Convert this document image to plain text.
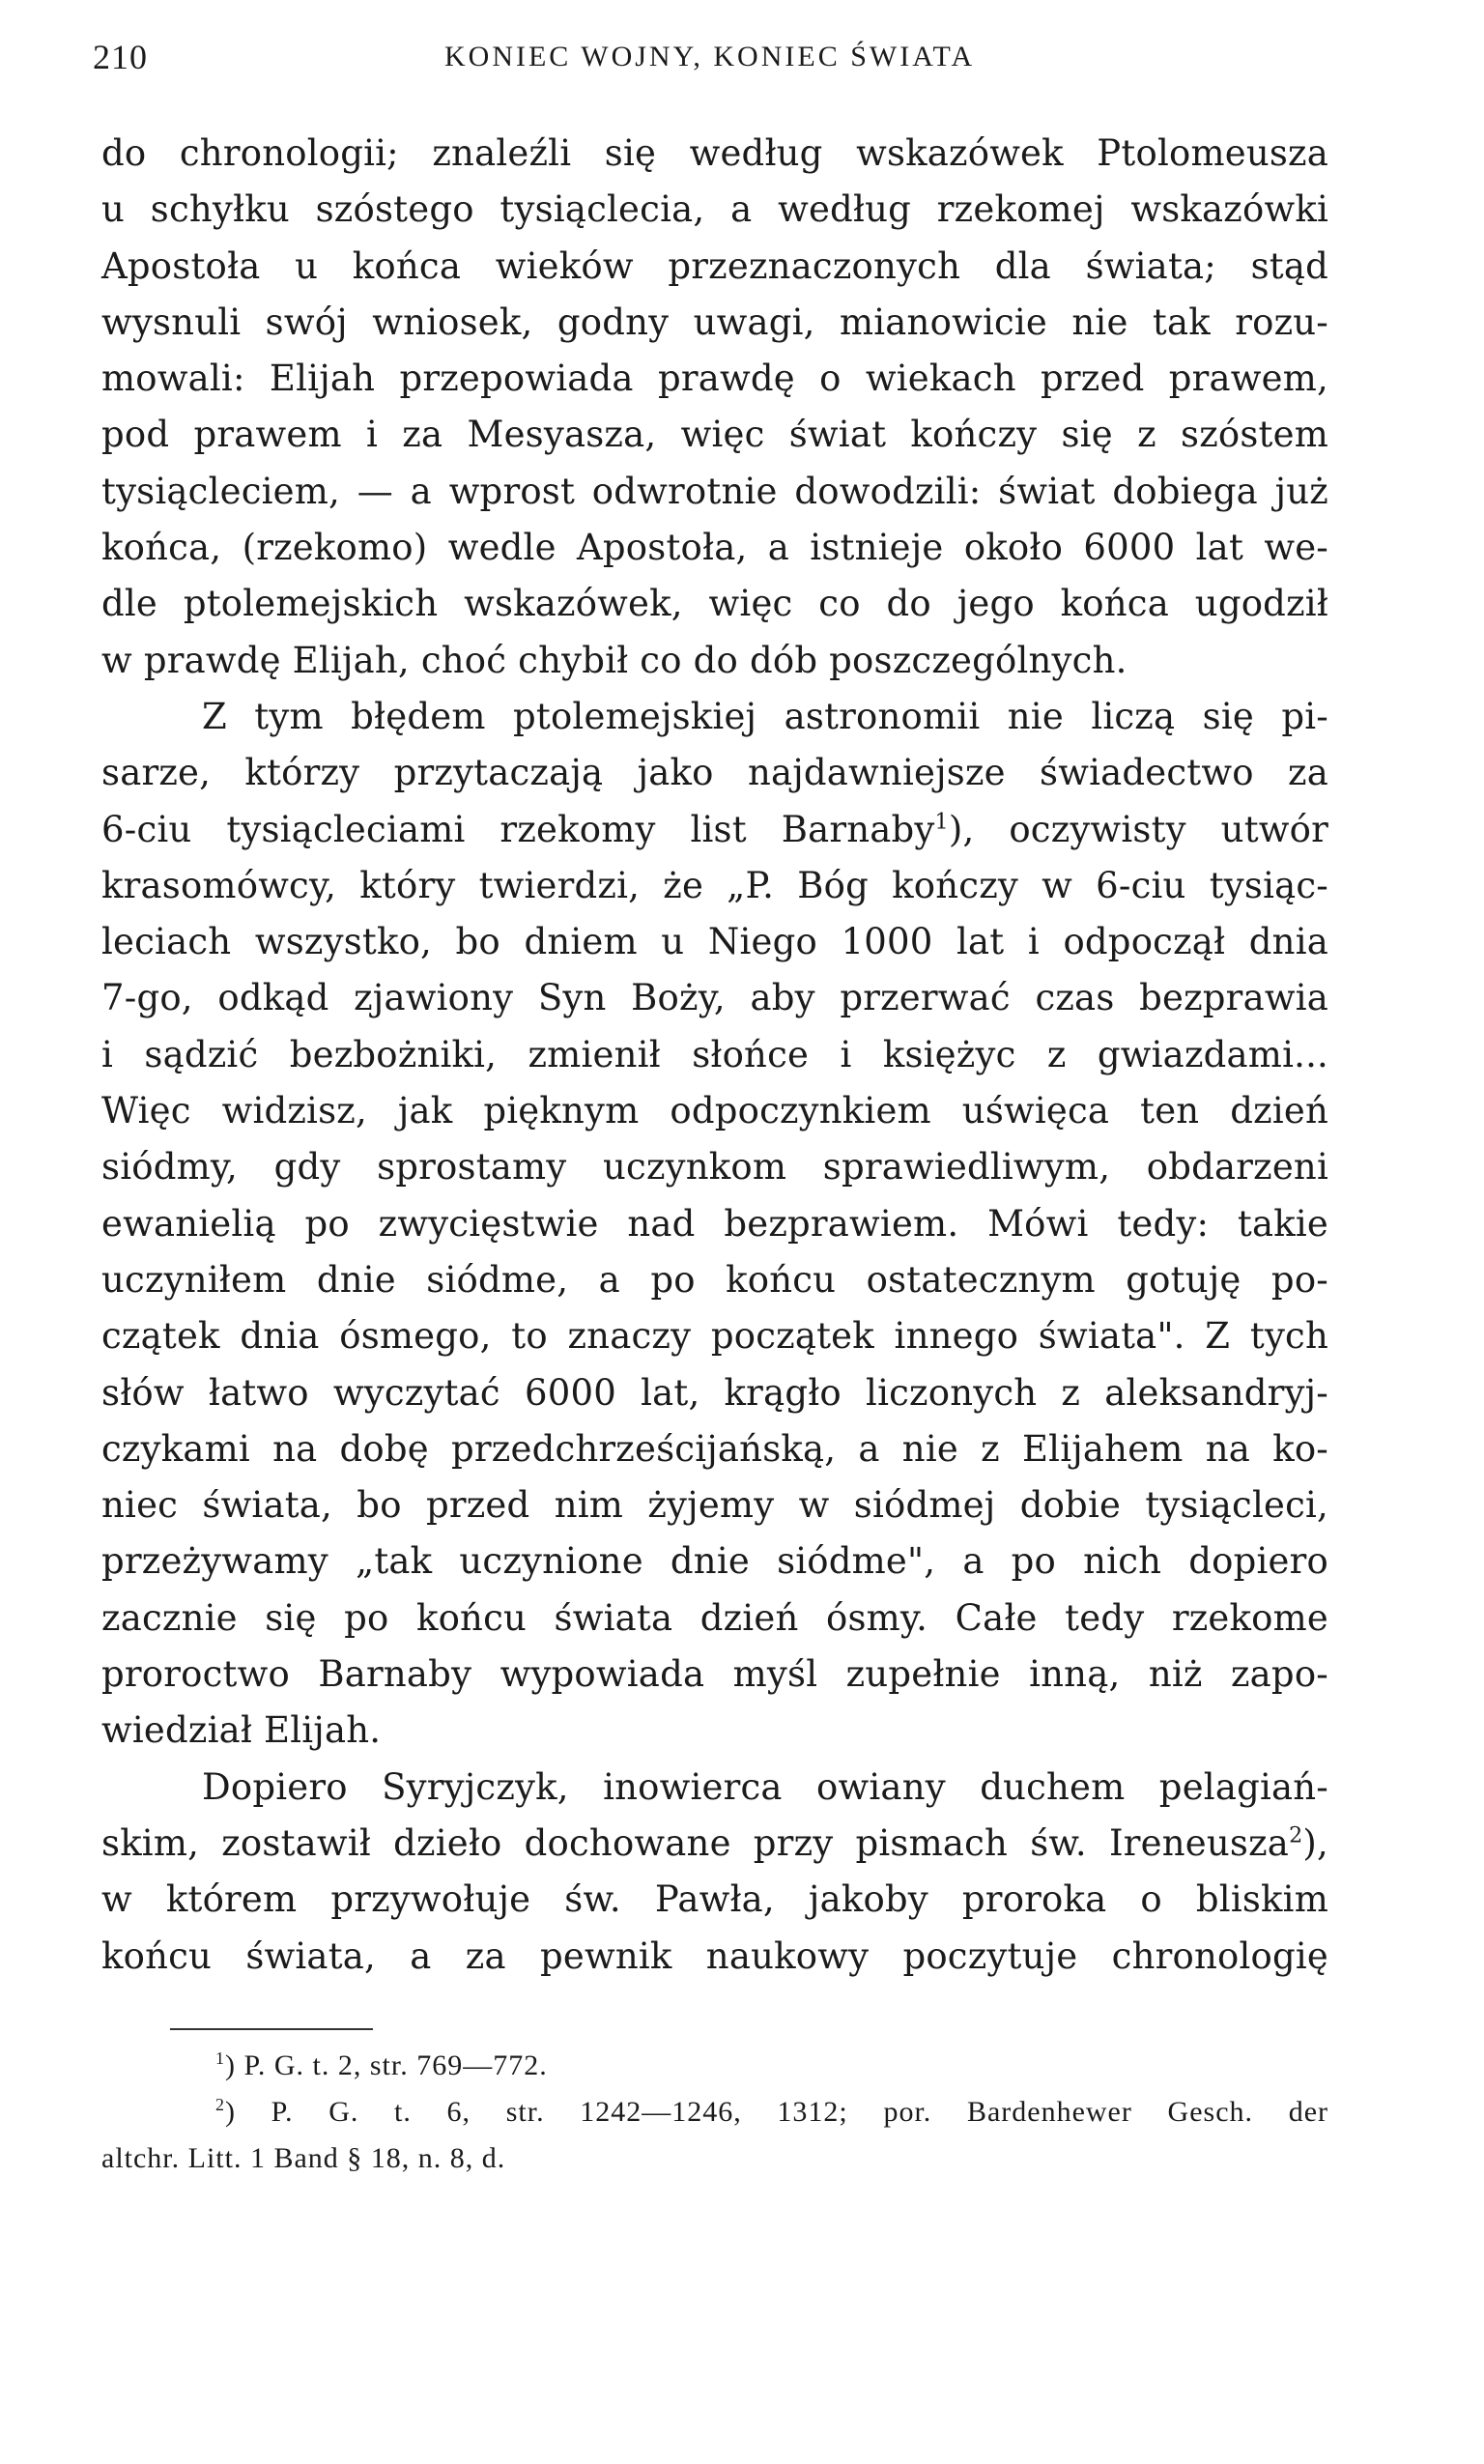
210	KONIEC WOJNY, KONIEC ŚWIATA
do chronologii; znaleźli się według wskazówek Ptolomeusza
u schyłku szóstego tysiąclecia, a według rzekomej wskazówki
Apostoła u końca wieków przeznaczonych dla świata; stąd
wysnuli swój wniosek, godny uwagi, mianowicie nie tak rozu-
mowali: Elijah przepowiada prawdę o wiekach przed prawem,
pod prawem i za Mesyasza, więc świat kończy się z szóstem
tysiącleciem, — a wprost odwrotnie dowodzili: świat dobiega już
końca, (rzekomo) wedle Apostoła, a istnieje około 6000 lat we-
dle ptolemejskich wskazówek, więc co do jego końca ugodził
w prawdę Elijah, choć chybił co do dób poszczególnych.
Z tym błędem ptolemejskiej astronomii nie liczą się pi-
sarze, którzy przytaczają jako najdawniejsze świadectwo za
6-ciu tysiącleciami rzekomy list Barnaby$^1$), oczywisty utwór
krasomówcy, który twierdzi, że „P. Bóg kończy w 6-ciu tysiąc-
leciach wszystko, bo dniem u Niego 1000 lat i odpoczął dnia
7-go, odkąd zjawiony Syn Boży, aby przerwać czas bezprawia
i sądzić bezbożniki, zmienił słońce i księżyc z gwiazdami...
Więc widzisz, jak pięknym odpoczynkiem uświęca ten dzień
siódmy, gdy sprostamy uczynkom sprawiedliwym, obdarzeni
ewanielią po zwycięstwie nad bezprawiem. Mówi tedy: takie
uczyniłem dnie siódme, a po końcu ostatecznym gotuję po-
czątek dnia ósmego, to znaczy początek innego świata". Z tych
słów łatwo wyczytać 6000 lat, krągło liczonych z aleksandryj-
czykami na dobę przedchrześcijańską, a nie z Elijahem na ko-
niec świata, bo przed nim żyjemy w siódmej dobie tysiącleci,
przeżywamy „tak uczynione dnie siódme", a po nich dopiero
zacznie się po końcu świata dzień ósmy. Całe tedy rzekome
proroctwo Barnaby wypowiada myśl zupełnie inną, niż zapo-
wiedział Elijah.
Dopiero Syryjczyk, inowierca owiany duchem pelagiań-
skim, zostawił dzieło dochowane przy pismach św. Ireneusza$^2$),
w którem przywołuje św. Pawła, jakoby proroka o bliskim
końcu świata, a za pewnik naukowy poczytuje chronologię
$^1$) P. G. t. 2, str. 769—772.
$^2$) P. G. t. 6, str. 1242—1246, 1312; por. Bardenhewer Gesch. der
altchr. Litt. 1 Band § 18, n. 8, d.
